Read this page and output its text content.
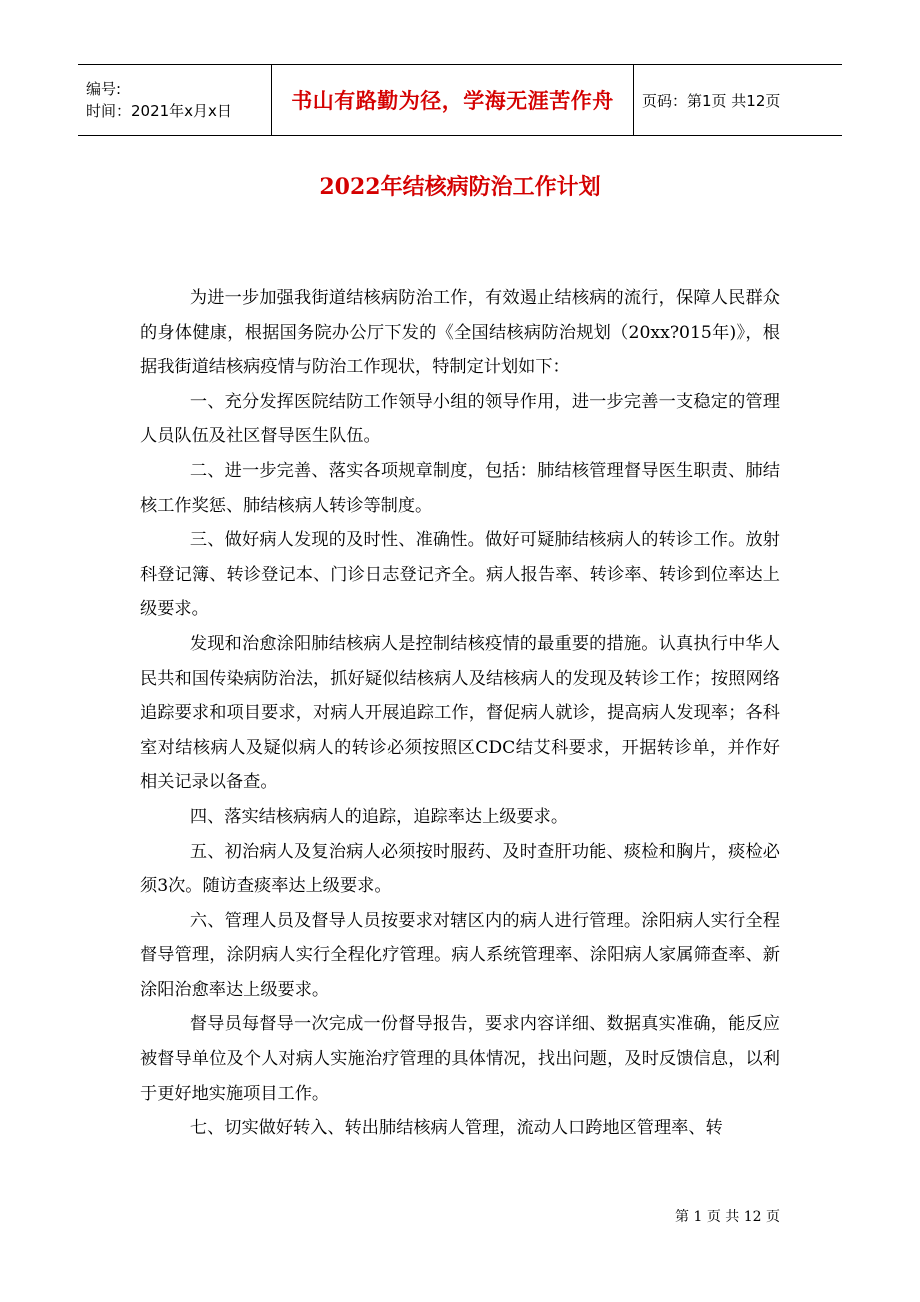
编号:
时间：2021年x月x日	书山有路勤为径，学海无涯苦作舟	页码：第1页 共12页
2022年结核病防治工作计划

为进一步加强我街道结核病防治工作，有效遏止结核病的流行，保障人民群众的身体健康，根据国务院办公厅下发的《全国结核病防治规划（20xx?015年)》，根据我街道结核病疫情与防治工作现状，特制定计划如下：

一、充分发挥医院结防工作领导小组的领导作用，进一步完善一支稳定的管理人员队伍及社区督导医生队伍。

二、进一步完善、落实各项规章制度，包括：肺结核管理督导医生职责、肺结核工作奖惩、肺结核病人转诊等制度。

三、做好病人发现的及时性、准确性。做好可疑肺结核病人的转诊工作。放射科登记簿、转诊登记本、门诊日志登记齐全。病人报告率、转诊率、转诊到位率达上级要求。

发现和治愈涂阳肺结核病人是控制结核疫情的最重要的措施。认真执行中华人民共和国传染病防治法，抓好疑似结核病人及结核病人的发现及转诊工作；按照网络追踪要求和项目要求，对病人开展追踪工作，督促病人就诊，提高病人发现率；各科室对结核病人及疑似病人的转诊必须按照区CDC结艾科要求，开据转诊单，并作好相关记录以备查。

四、落实结核病病人的追踪，追踪率达上级要求。

五、初治病人及复治病人必须按时服药、及时查肝功能、痰检和胸片，痰检必须3次。随访查痰率达上级要求。

六、管理人员及督导人员按要求对辖区内的病人进行管理。涂阳病人实行全程督导管理，涂阴病人实行全程化疗管理。病人系统管理率、涂阳病人家属筛查率、新涂阳治愈率达上级要求。

督导员每督导一次完成一份督导报告，要求内容详细、数据真实准确，能反应被督导单位及个人对病人实施治疗管理的具体情况，找出问题，及时反馈信息，以利于更好地实施项目工作。

七、切实做好转入、转出肺结核病人管理，流动人口跨地区管理率、转

第 1 页 共 12 页
